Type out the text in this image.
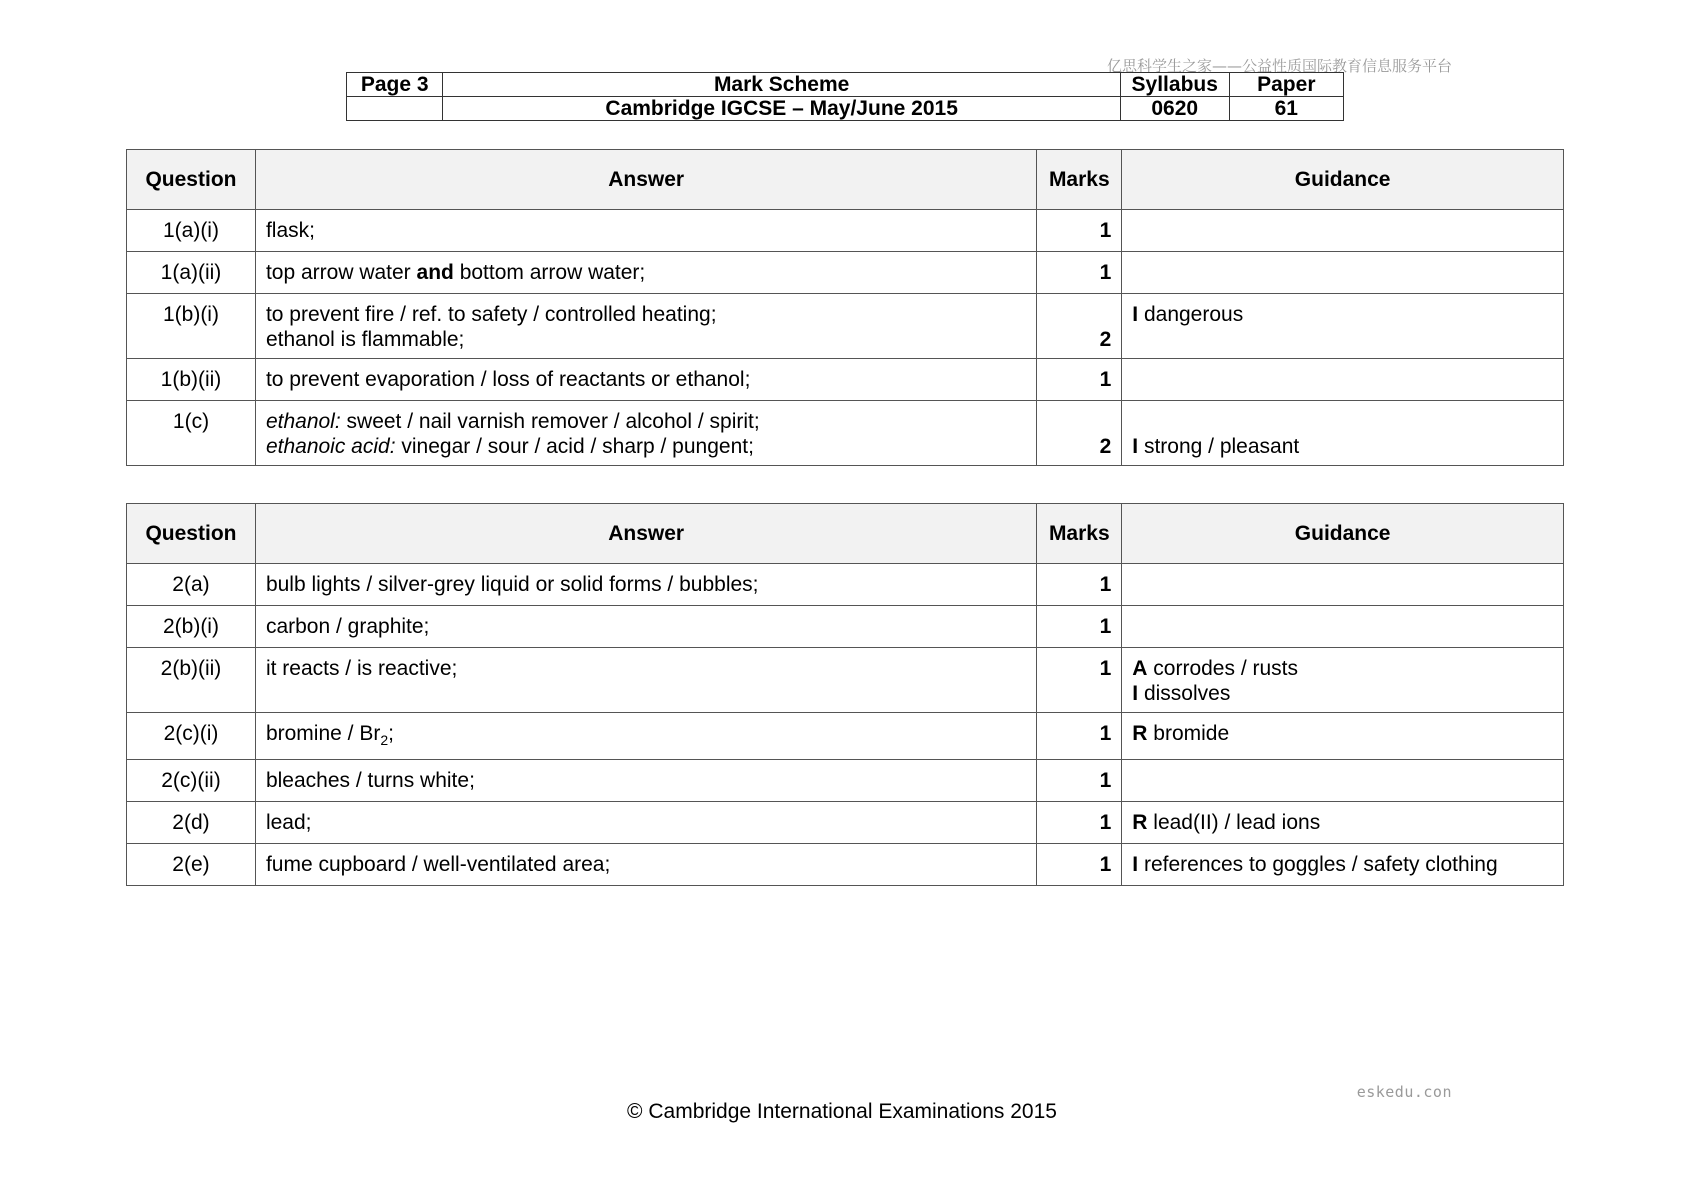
亿思科学生之家——公益性质国际教育信息服务平台
Page 3	Mark Scheme	Syllabus	Paper
	Cambridge IGCSE – May/June 2015	0620	61
Question	Answer	Marks	Guidance
1(a)(i)	flask;	1	
1(a)(ii)	top arrow water and bottom arrow water;	1	
1(b)(i)	to prevent fire / ref. to safety / controlled heating;
ethanol is flammable;	2	I dangerous
1(b)(ii)	to prevent evaporation / loss of reactants or ethanol;	1	
1(c)	ethanol: sweet / nail varnish remover / alcohol / spirit;
ethanoic acid: vinegar / sour / acid / sharp / pungent;	2	I strong / pleasant
Question	Answer	Marks	Guidance
2(a)	bulb lights / silver-grey liquid or solid forms / bubbles;	1	
2(b)(i)	carbon / graphite;	1	
2(b)(ii)	it reacts / is reactive;	1	A corrodes / rusts
I dissolves

2(c)(i)	bromine / $Br_2$;	1	R bromide
2(c)(ii)	bleaches / turns white;	1	
2(d)	lead;	1	R lead(II) / lead ions
2(e)	fume cupboard / well-ventilated area;	1	I references to goggles / safety clothing
eskedu.con
© Cambridge International Examinations 2015
